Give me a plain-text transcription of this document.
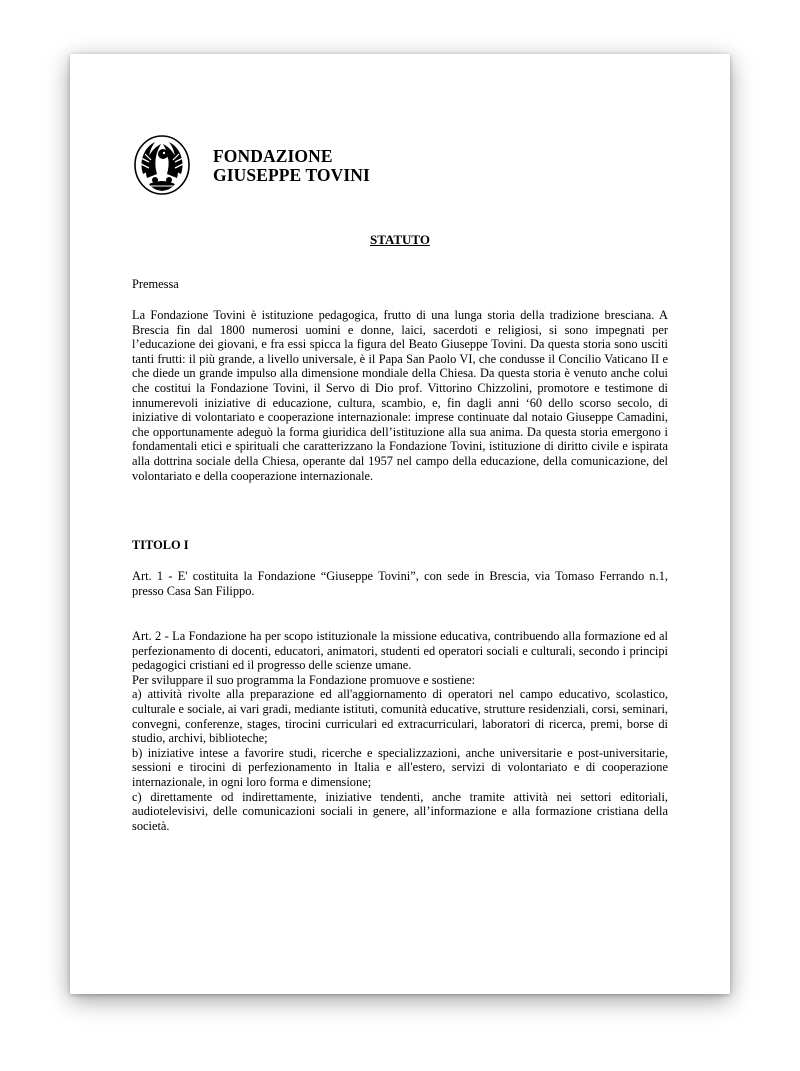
FONDAZIONE
GIUSEPPE TOVINI
STATUTO
Premessa
La Fondazione Tovini è istituzione pedagogica, frutto di una lunga storia della tradizione bresciana. A Brescia fin dal 1800 numerosi uomini e donne, laici, sacerdoti e religiosi, si sono impegnati per l’educazione dei giovani, e fra essi spicca la figura del Beato Giuseppe Tovini. Da questa storia sono usciti tanti frutti: il più grande, a livello universale, è il Papa San Paolo VI, che condusse il Concilio Vaticano II e che diede un grande impulso alla dimensione mondiale della Chiesa. Da questa storia è venuto anche colui che costitui la Fondazione Tovini, il Servo di Dio prof. Vittorino Chizzolini, promotore e testimone di innumerevoli iniziative di educazione, cultura, scambio, e, fin dagli anni ‘60 dello scorso secolo, di iniziative di volontariato e cooperazione internazionale: imprese continuate dal notaio Giuseppe Camadini, che opportunamente adeguò la forma giuridica dell’istituzione alla sua anima. Da questa storia emergono i fondamentali etici e spirituali che caratterizzano la Fondazione Tovini, istituzione di diritto civile e ispirata alla dottrina sociale della Chiesa, operante dal 1957 nel campo della educazione, della comunicazione, del volontariato e della cooperazione internazionale.
TITOLO I
Art. 1 - E' costituita la Fondazione “Giuseppe Tovini”, con sede in Brescia, via Tomaso Ferrando n.1, presso Casa San Filippo.

Art. 2 - La Fondazione ha per scopo istituzionale la missione educativa, contribuendo alla formazione ed al perfezionamento di docenti, educatori, animatori, studenti ed operatori sociali e culturali, secondo i principi pedagogici cristiani ed il progresso delle scienze umane.

Per sviluppare il suo programma la Fondazione promuove e sostiene:

a) attività rivolte alla preparazione ed all'aggiornamento di operatori nel campo educativo, scolastico, culturale e sociale, ai vari gradi, mediante istituti, comunità educative, strutture residenziali, corsi, seminari, convegni, conferenze, stages, tirocini curriculari ed extracurriculari, laboratori di ricerca, premi, borse di studio, archivi, biblioteche;

b) iniziative intese a favorire studi, ricerche e specializzazioni, anche universitarie e post-universitarie, sessioni e tirocini di perfezionamento in Italia e all'estero, servizi di volontariato e di cooperazione internazionale, in ogni loro forma e dimensione;

c) direttamente od indirettamente, iniziative tendenti, anche tramite attività nei settori editoriali, audiotelevisivi, delle comunicazioni sociali in genere, all’informazione e alla formazione cristiana della società.
